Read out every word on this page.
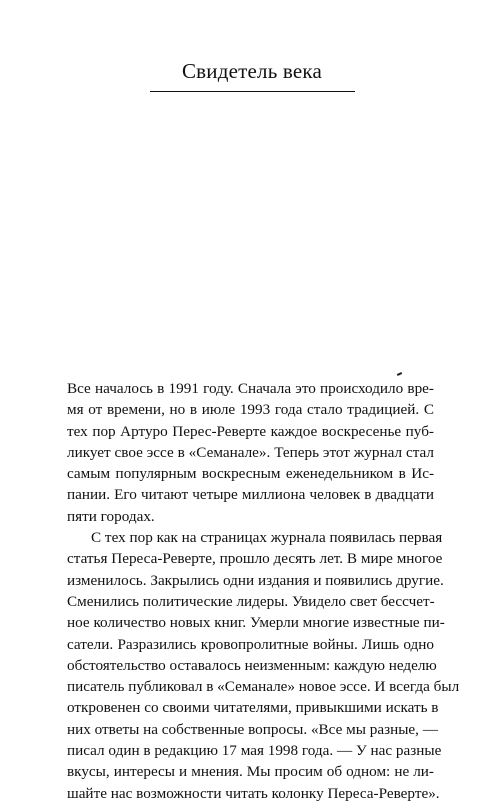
Свидетель века
Все началось в 1991 году. Сначала это происходило вре-
мя от времени, но в июле 1993 года стало традицией. С
тех пор Артуро Перес-Реверте каждое воскресенье пуб-
ликует свое эссе в «Семанале». Теперь этот журнал стал
самым популярным воскресным еженедельником в Ис-
пании. Его читают четыре миллиона человек в двадцати
пяти городах.
С тех пор как на страницах журнала появилась первая
статья Переса-Реверте, прошло десять лет. В мире многое
изменилось. Закрылись одни издания и появились другие.
Сменились политические лидеры. Увидело свет бессчет-
ное количество новых книг. Умерли многие известные пи-
сатели. Разразились кровопролитные войны. Лишь одно
обстоятельство оставалось неизменным: каждую неделю
писатель публиковал в «Семанале» новое эссе. И всегда был
откровенен со своими читателями, привыкшими искать в
них ответы на собственные вопросы. «Все мы разные, —
писал один в редакцию 17 мая 1998 года. — У нас разные
вкусы, интересы и мнения. Мы просим об одном: не ли-
шайте нас возможности читать колонку Переса-Реверте».
